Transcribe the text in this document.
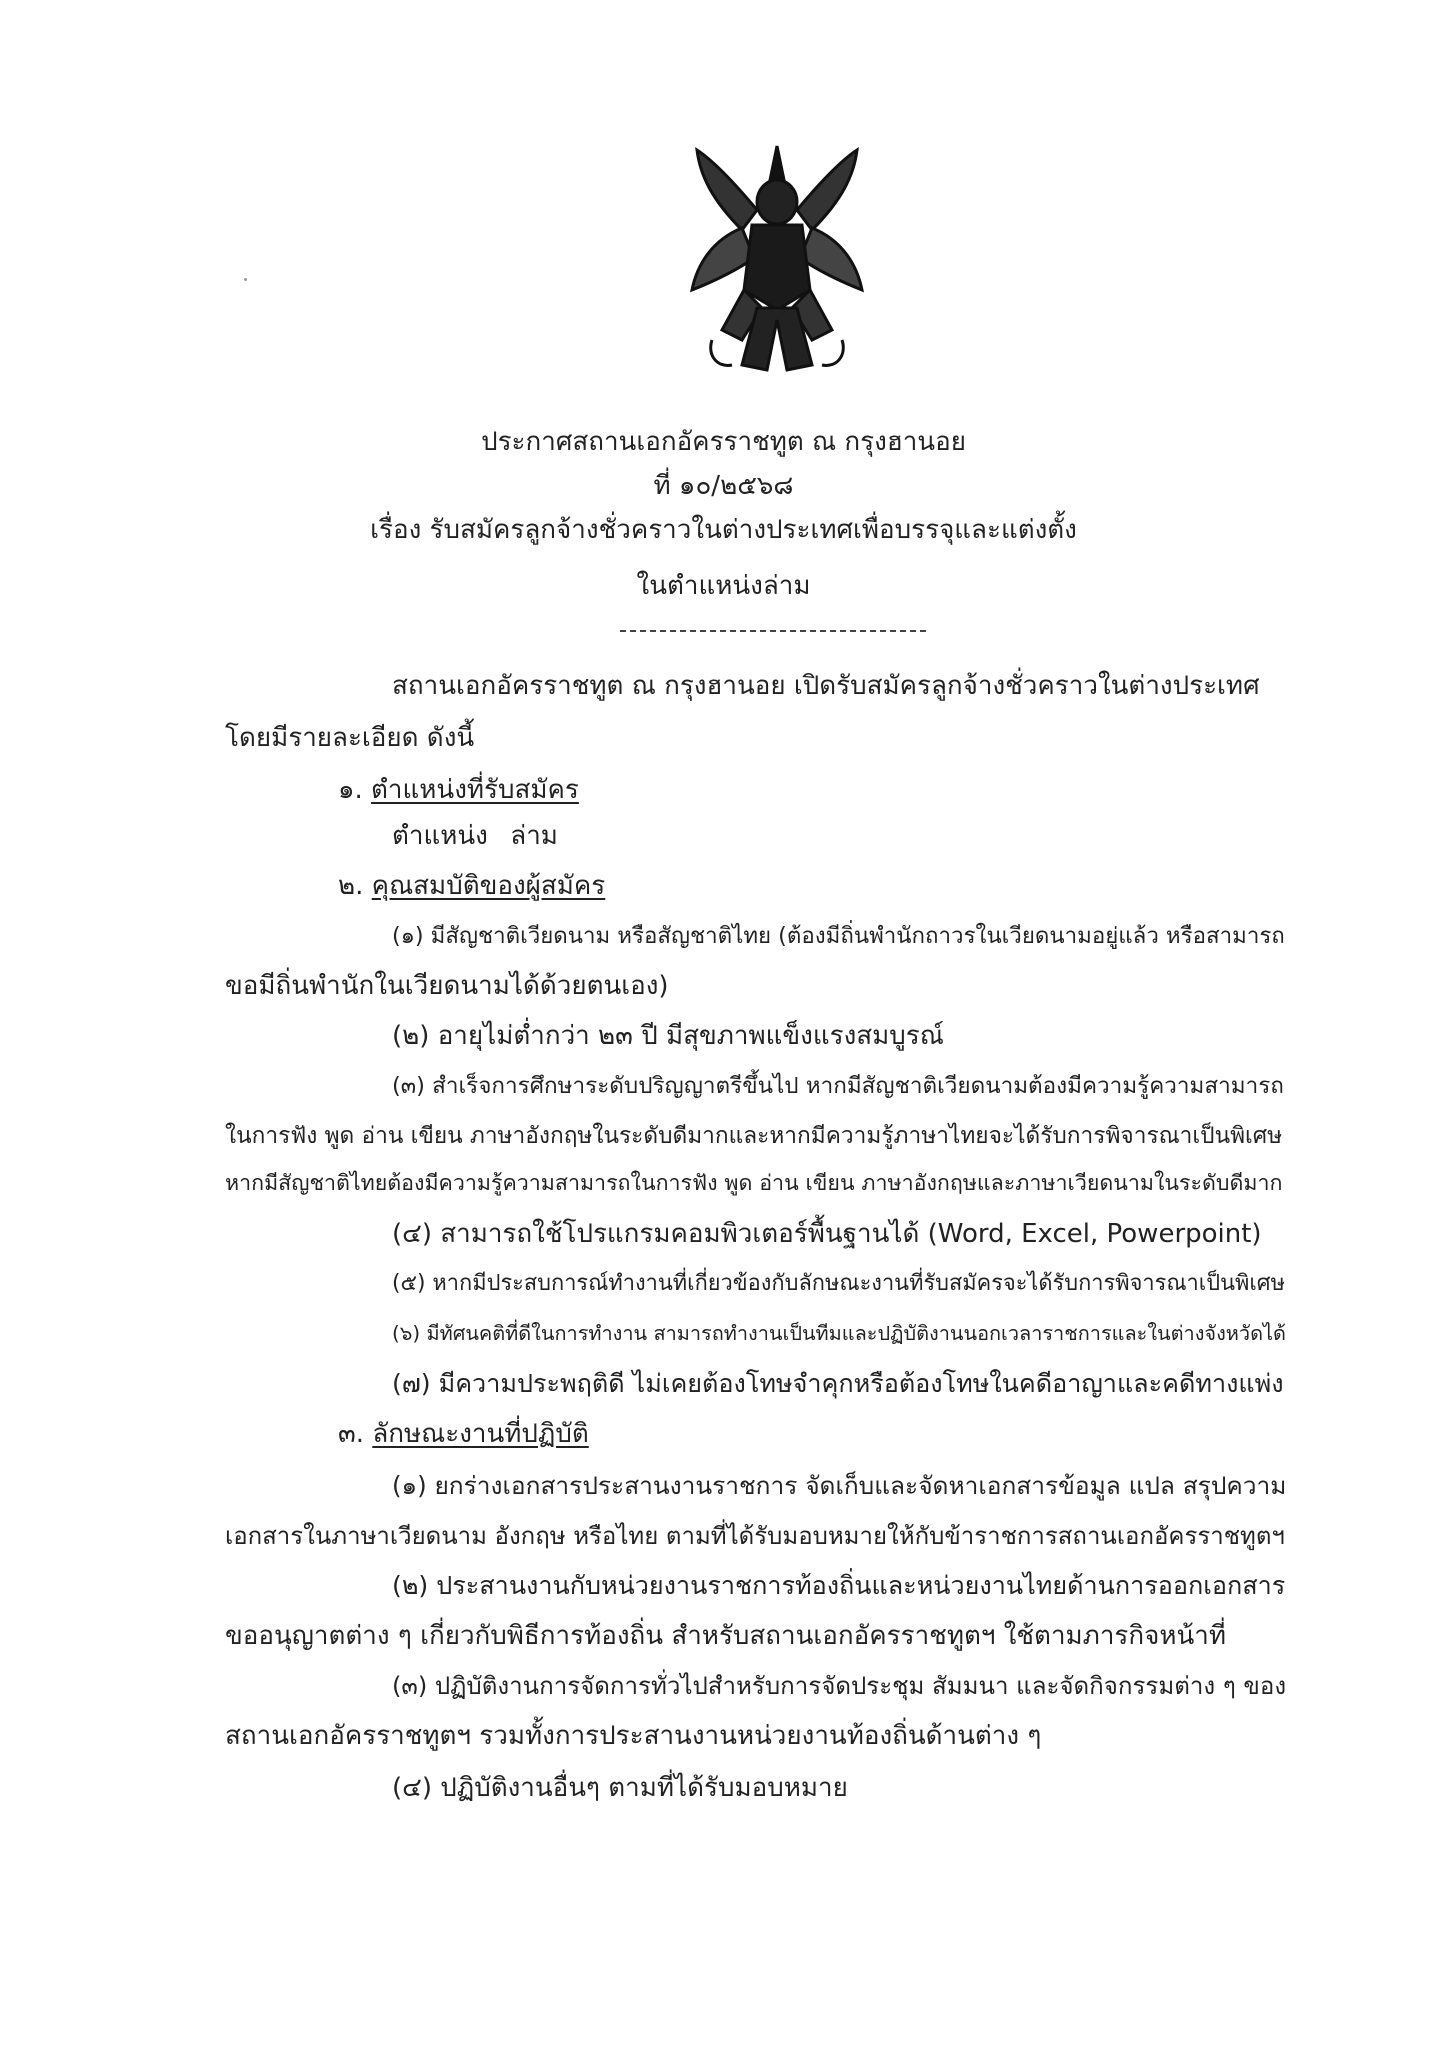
ประกาศสถานเอกอัครราชทูต ณ กรุงฮานอย
ที่ ๑๐/๒๕๖๘
เรื่อง รับสมัครลูกจ้างชั่วคราวในต่างประเทศเพื่อบรรจุและแต่งตั้ง
ในตำแหน่งล่าม
สถานเอกอัครราชทูต ณ กรุงฮานอย เปิดรับสมัครลูกจ้างชั่วคราวในต่างประเทศ
โดยมีรายละเอียด ดังนี้
๑. ตำแหน่งที่รับสมัคร
ตำแหน่ง ล่าม
๒. คุณสมบัติของผู้สมัคร
(๑) มีสัญชาติเวียดนาม หรือสัญชาติไทย (ต้องมีถิ่นพำนักถาวรในเวียดนามอยู่แล้ว หรือสามารถ
ขอมีถิ่นพำนักในเวียดนามได้ด้วยตนเอง)
(๒) อายุไม่ต่ำกว่า ๒๓ ปี มีสุขภาพแข็งแรงสมบูรณ์
(๓) สำเร็จการศึกษาระดับปริญญาตรีขึ้นไป หากมีสัญชาติเวียดนามต้องมีความรู้ความสามารถ
ในการฟัง พูด อ่าน เขียน ภาษาอังกฤษในระดับดีมากและหากมีความรู้ภาษาไทยจะได้รับการพิจารณาเป็นพิเศษ
หากมีสัญชาติไทยต้องมีความรู้ความสามารถในการฟัง พูด อ่าน เขียน ภาษาอังกฤษและภาษาเวียดนามในระดับดีมาก
(๔) สามารถใช้โปรแกรมคอมพิวเตอร์พื้นฐานได้ (Word, Excel, Powerpoint)
(๕) หากมีประสบการณ์ทำงานที่เกี่ยวข้องกับลักษณะงานที่รับสมัครจะได้รับการพิจารณาเป็นพิเศษ
(๖) มีทัศนคติที่ดีในการทำงาน สามารถทำงานเป็นทีมและปฏิบัติงานนอกเวลาราชการและในต่างจังหวัดได้
(๗) มีความประพฤติดี ไม่เคยต้องโทษจำคุกหรือต้องโทษในคดีอาญาและคดีทางแพ่ง
๓. ลักษณะงานที่ปฏิบัติ
(๑) ยกร่างเอกสารประสานงานราชการ จัดเก็บและจัดหาเอกสารข้อมูล แปล สรุปความ
เอกสารในภาษาเวียดนาม อังกฤษ หรือไทย ตามที่ได้รับมอบหมายให้กับข้าราชการสถานเอกอัครราชทูตฯ
(๒) ประสานงานกับหน่วยงานราชการท้องถิ่นและหน่วยงานไทยด้านการออกเอกสาร
ขออนุญาตต่าง ๆ เกี่ยวกับพิธีการท้องถิ่น สำหรับสถานเอกอัครราชทูตฯ ใช้ตามภารกิจหน้าที่
(๓) ปฏิบัติงานการจัดการทั่วไปสำหรับการจัดประชุม สัมมนา และจัดกิจกรรมต่าง ๆ ของ
สถานเอกอัครราชทูตฯ รวมทั้งการประสานงานหน่วยงานท้องถิ่นด้านต่าง ๆ
(๔) ปฏิบัติงานอื่นๆ ตามที่ได้รับมอบหมาย
